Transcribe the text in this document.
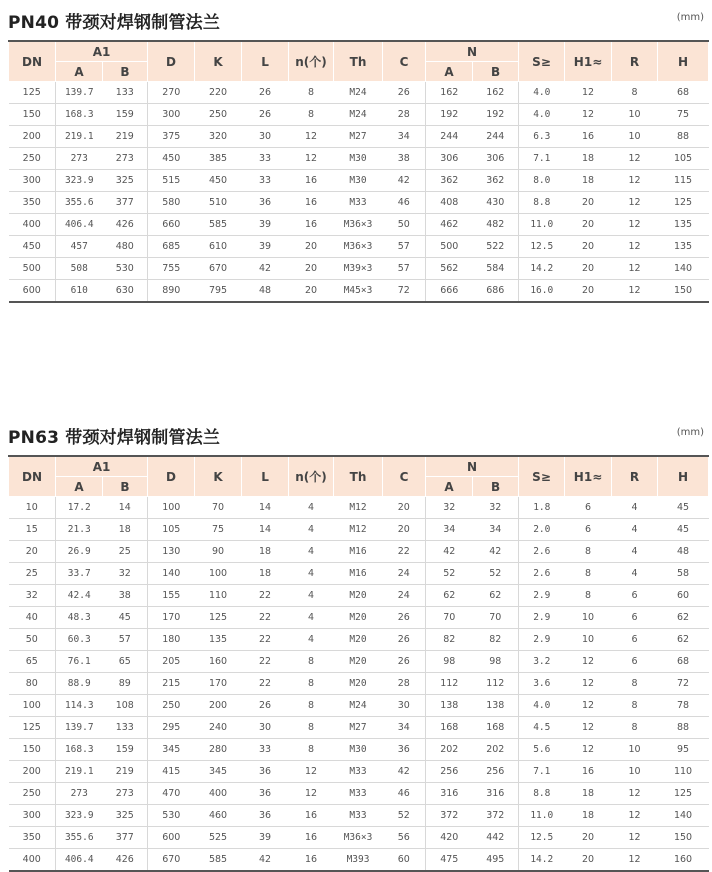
PN40 带颈对焊钢制管法兰	(mm)
DN	A1		D	K	L	n(个)	Th	C	N		S≥	H1≈	R	H
	A	B							A	B				
125	139.7	133	270	220	26	8	M24	26	162	162	4.0	12	8	68
150	168.3	159	300	250	26	8	M24	28	192	192	4.0	12	10	75
200	219.1	219	375	320	30	12	M27	34	244	244	6.3	16	10	88
250	273	273	450	385	33	12	M30	38	306	306	7.1	18	12	105
300	323.9	325	515	450	33	16	M30	42	362	362	8.0	18	12	115
350	355.6	377	580	510	36	16	M33	46	408	430	8.8	20	12	125
400	406.4	426	660	585	39	16	M36×3	50	462	482	11.0	20	12	135
450	457	480	685	610	39	20	M36×3	57	500	522	12.5	20	12	135
500	508	530	755	670	42	20	M39×3	57	562	584	14.2	20	12	140
600	610	630	890	795	48	20	M45×3	72	666	686	16.0	20	12	150
PN63 带颈对焊钢制管法兰	(mm)
DN	A1		D	K	L	n(个)	Th	C	N		S≥	H1≈	R	H
	A	B							A	B				
10	17.2	14	100	70	14	4	M12	20	32	32	1.8	6	4	45
15	21.3	18	105	75	14	4	M12	20	34	34	2.0	6	4	45
20	26.9	25	130	90	18	4	M16	22	42	42	2.6	8	4	48
25	33.7	32	140	100	18	4	M16	24	52	52	2.6	8	4	58
32	42.4	38	155	110	22	4	M20	24	62	62	2.9	8	6	60
40	48.3	45	170	125	22	4	M20	26	70	70	2.9	10	6	62
50	60.3	57	180	135	22	4	M20	26	82	82	2.9	10	6	62
65	76.1	65	205	160	22	8	M20	26	98	98	3.2	12	6	68
80	88.9	89	215	170	22	8	M20	28	112	112	3.6	12	8	72
100	114.3	108	250	200	26	8	M24	30	138	138	4.0	12	8	78
125	139.7	133	295	240	30	8	M27	34	168	168	4.5	12	8	88
150	168.3	159	345	280	33	8	M30	36	202	202	5.6	12	10	95
200	219.1	219	415	345	36	12	M33	42	256	256	7.1	16	10	110
250	273	273	470	400	36	12	M33	46	316	316	8.8	18	12	125
300	323.9	325	530	460	36	16	M33	52	372	372	11.0	18	12	140
350	355.6	377	600	525	39	16	M36×3	56	420	442	12.5	20	12	150
400	406.4	426	670	585	42	16	M393	60	475	495	14.2	20	12	160
